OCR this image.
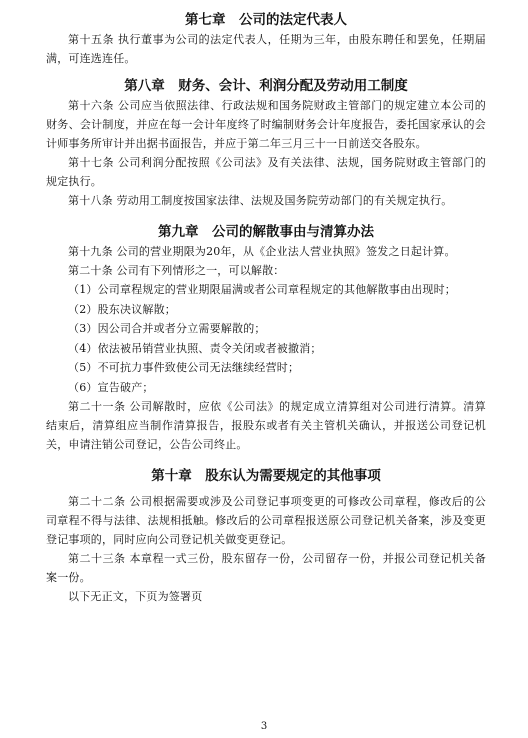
第七章　公司的法定代表人

第十五条 执行董事为公司的法定代表人，任期为三年，由股东聘任和罢免，任期届满，可连选连任。

第八章　财务、会计、利润分配及劳动用工制度

第十六条 公司应当依照法律、行政法规和国务院财政主管部门的规定建立本公司的财务、会计制度，并应在每一会计年度终了时编制财务会计年度报告，委托国家承认的会计师事务所审计并出据书面报告，并应于第二年三月三十一日前送交各股东。

第十七条 公司利润分配按照《公司法》及有关法律、法规，国务院财政主管部门的规定执行。

第十八条 劳动用工制度按国家法律、法规及国务院劳动部门的有关规定执行。

第九章　公司的解散事由与清算办法

第十九条 公司的营业期限为20年，从《企业法人营业执照》签发之日起计算。

第二十条 公司有下列情形之一，可以解散：

（1）公司章程规定的营业期限届满或者公司章程规定的其他解散事由出现时；

（2）股东决议解散；

（3）因公司合并或者分立需要解散的；

（4）依法被吊销营业执照、责令关闭或者被撤消；

（5）不可抗力事件致使公司无法继续经营时；

（6）宣告破产；

第二十一条 公司解散时，应依《公司法》的规定成立清算组对公司进行清算。清算结束后，清算组应当制作清算报告，报股东或者有关主管机关确认，并报送公司登记机关，申请注销公司登记，公告公司终止。

第十章　股东认为需要规定的其他事项

第二十二条 公司根据需要或涉及公司登记事项变更的可修改公司章程，修改后的公司章程不得与法律、法规相抵触。修改后的公司章程报送原公司登记机关备案，涉及变更登记事项的，同时应向公司登记机关做变更登记。

第二十三条 本章程一式三份，股东留存一份，公司留存一份，并报公司登记机关备案一份。

以下无正文，下页为签署页

3
